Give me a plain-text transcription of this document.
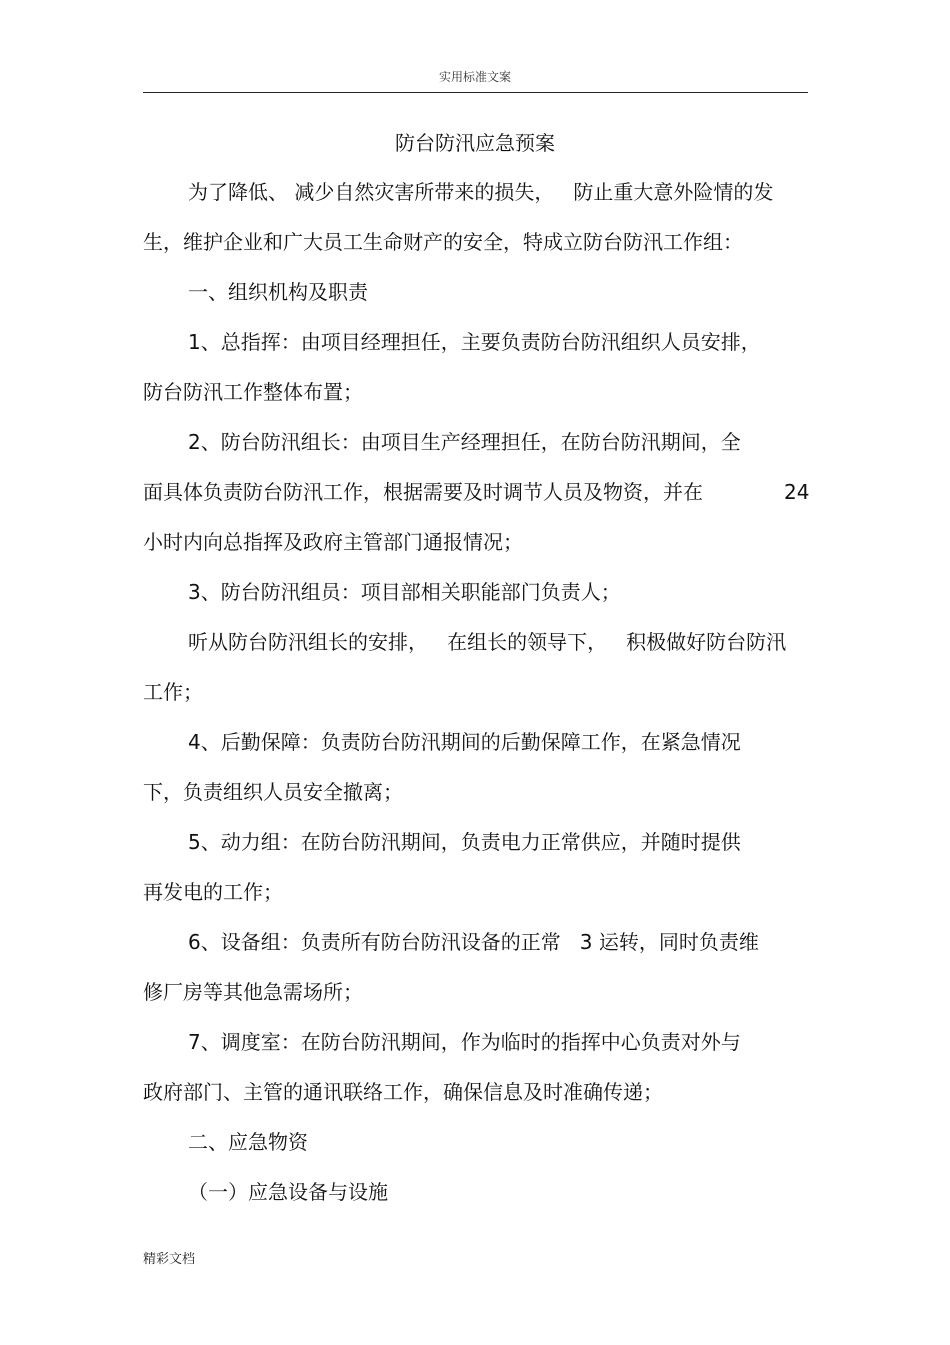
实用标准文案
防台防汛应急预案
为了降低、 减少自然灾害所带来的损失，   防止重大意外险情的发
生，维护企业和广大员工生命财产的安全，特成立防台防汛工作组：
一、组织机构及职责
1、总指挥：由项目经理担任，主要负责防台防汛组织人员安排，
防台防汛工作整体布置；
2、防台防汛组长：由项目生产经理担任，在防台防汛期间，全
面具体负责防台防汛工作，根据需要及时调节人员及物资，并在	24
小时内向总指挥及政府主管部门通报情况；
3、防台防汛组员：项目部相关职能部门负责人；
听从防台防汛组长的安排，   在组长的领导下，   积极做好防台防汛
工作；
4、后勤保障：负责防台防汛期间的后勤保障工作，在紧急情况
下，负责组织人员安全撤离；
5、动力组：在防台防汛期间，负责电力正常供应，并随时提供
再发电的工作；
6、设备组：负责所有防台防汛设备的正常   3 运转，同时负责维
修厂房等其他急需场所；
7、调度室：在防台防汛期间，作为临时的指挥中心负责对外与
政府部门、主管的通讯联络工作，确保信息及时准确传递；
二、应急物资
（一）应急设备与设施
精彩文档
